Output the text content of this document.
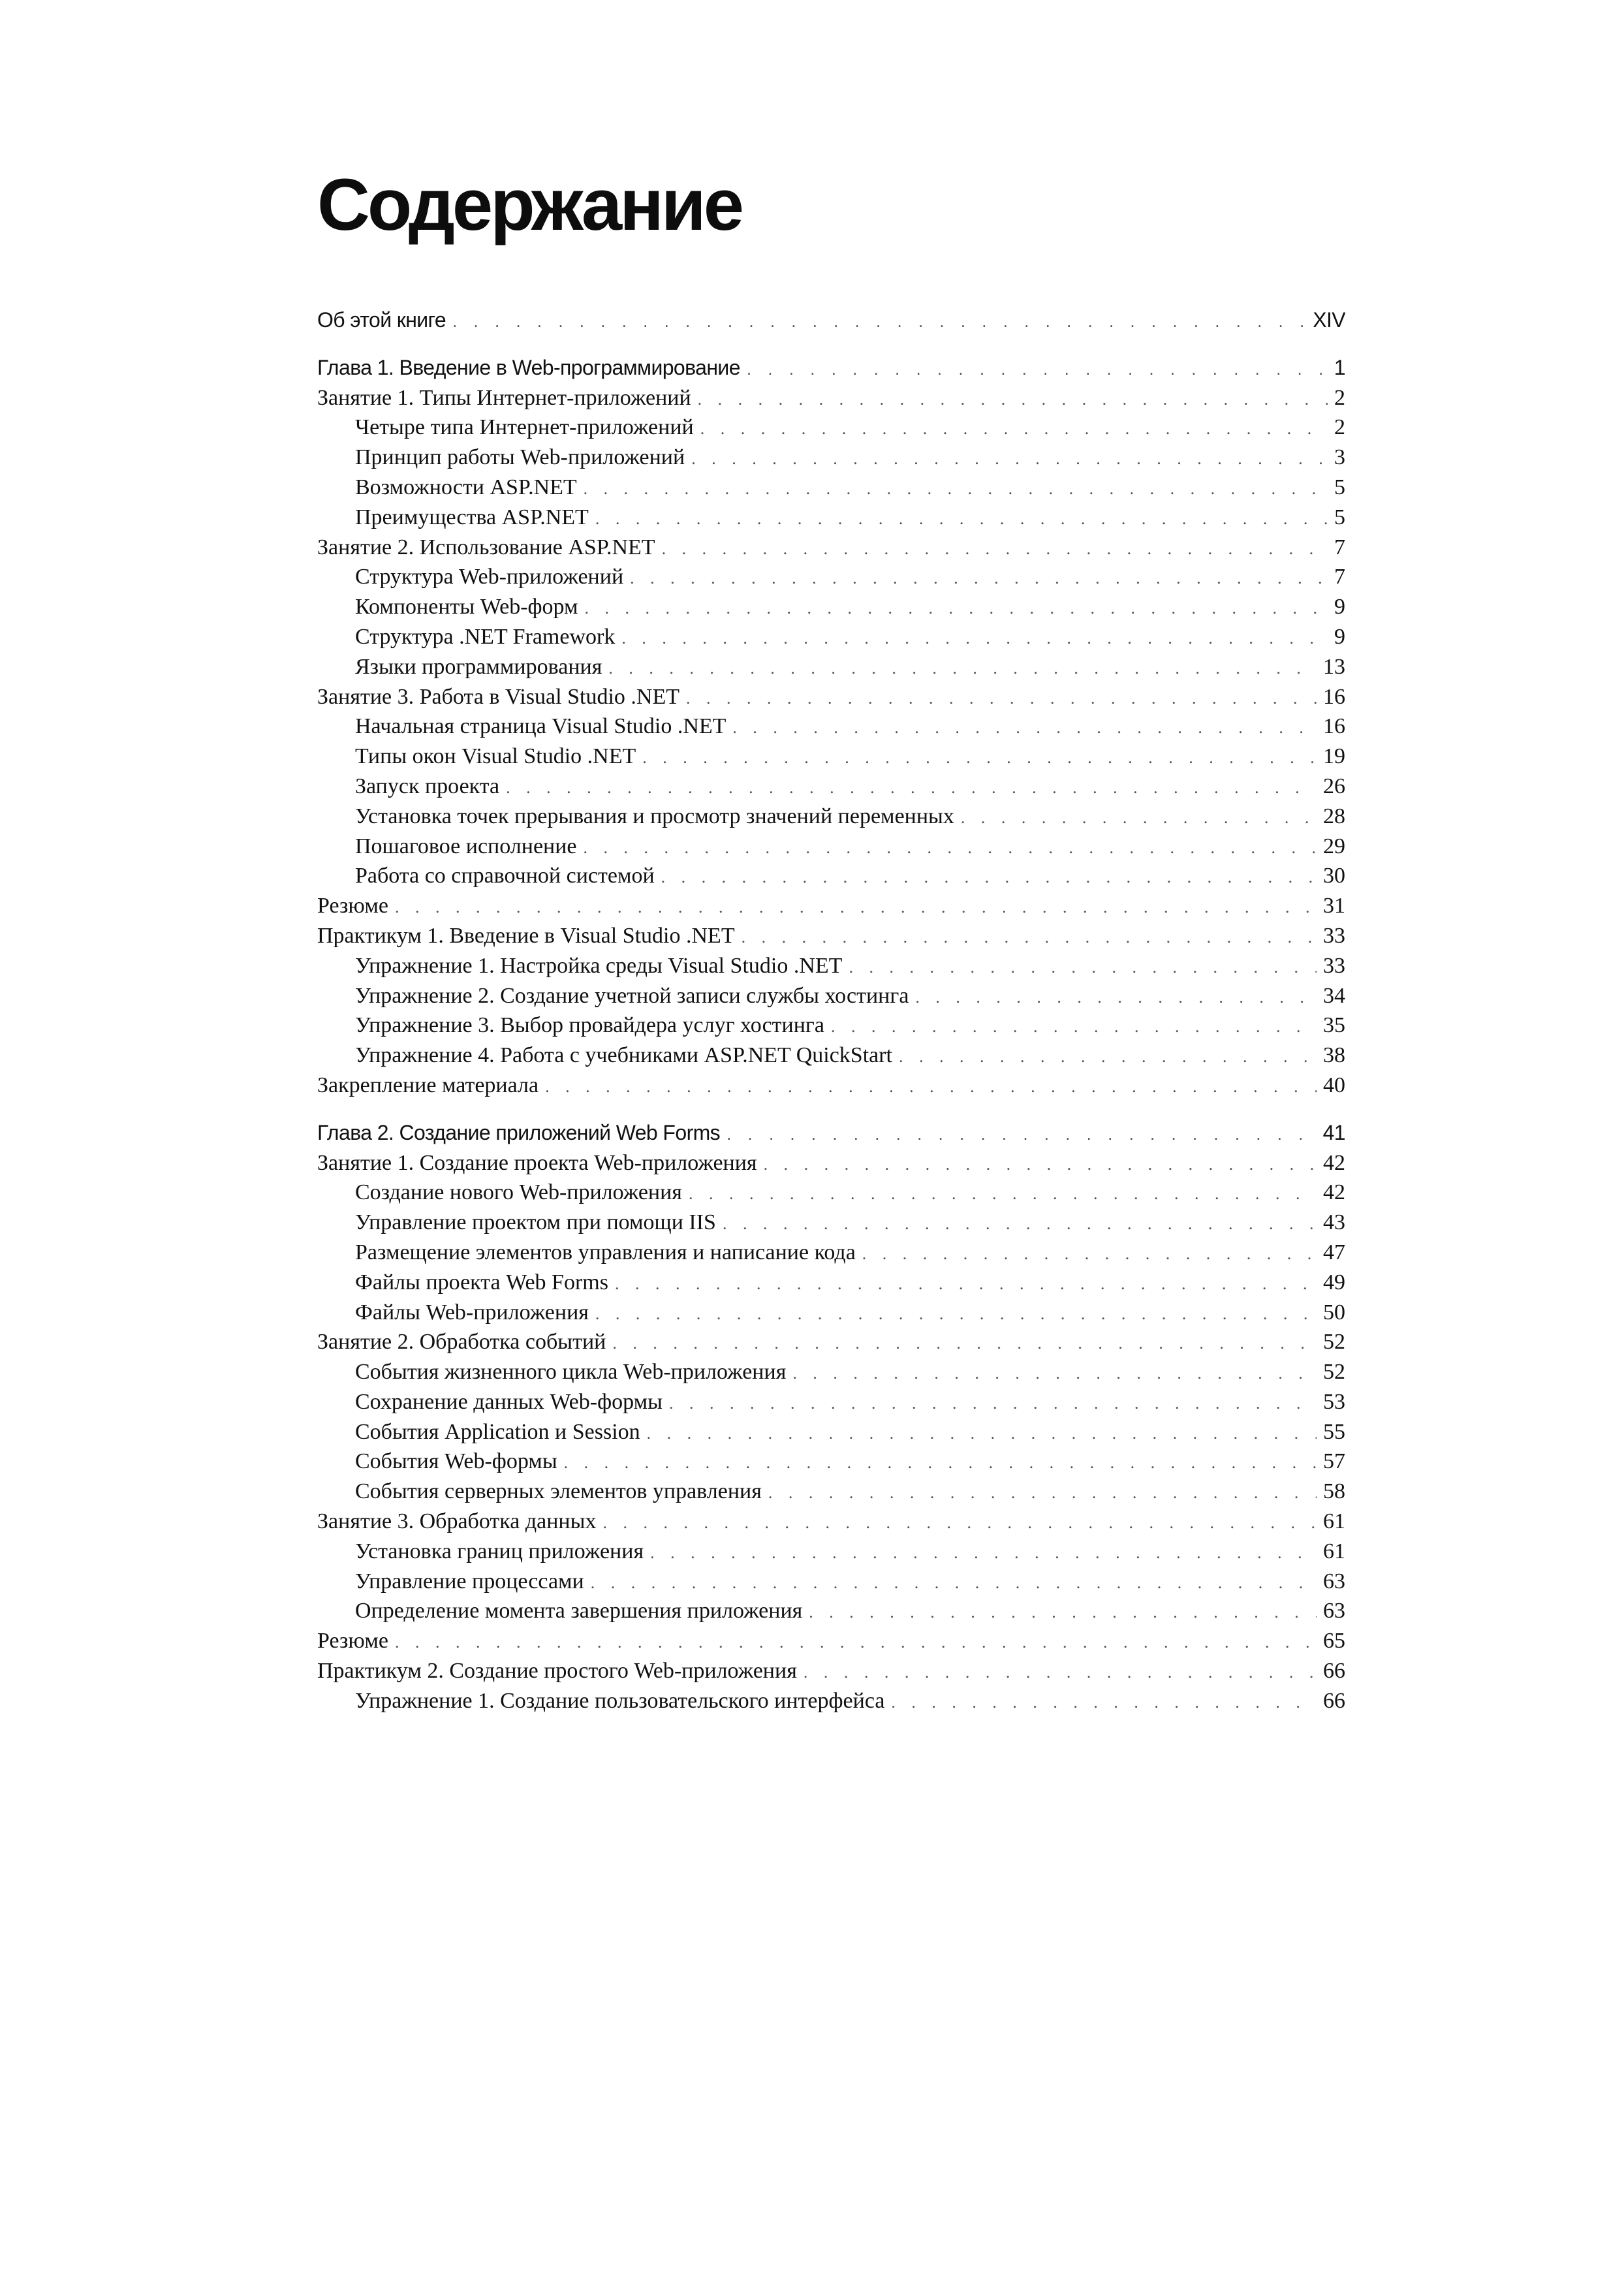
Содержание
Об этой книге . . .	XIV
Глава 1. Введение в Web-программирование . . .	1
Занятие 1. Типы Интернет-приложений . . .	2
Четыре типа Интернет-приложений . . .	2
Принцип работы Web-приложений . . .	3
Возможности ASP.NET . . .	5
Преимущества ASP.NET . . .	5
Занятие 2. Использование ASP.NET . . .	7
Структура Web-приложений . . .	7
Компоненты Web-форм . . .	9
Структура .NET Framework . . .	9
Языки программирования . . .	13
Занятие 3. Работа в Visual Studio .NET . . .	16
Начальная страница Visual Studio .NET . . .	16
Типы окон Visual Studio .NET . . .	19
Запуск проекта . . .	26
Установка точек прерывания и просмотр значений переменных . . .	28
Пошаговое исполнение . . .	29
Работа со справочной системой . . .	30
Резюме . . .	31
Практикум 1. Введение в Visual Studio .NET . . .	33
Упражнение 1. Настройка среды Visual Studio .NET . . .	33
Упражнение 2. Создание учетной записи службы хостинга . . .	34
Упражнение 3. Выбор провайдера услуг хостинга . . .	35
Упражнение 4. Работа с учебниками ASP.NET QuickStart . . .	38
Закрепление материала . . .	40
Глава 2. Создание приложений Web Forms . . .	41
Занятие 1. Создание проекта Web-приложения . . .	42
Создание нового Web-приложения . . .	42
Управление проектом при помощи IIS . . .	43
Размещение элементов управления и написание кода . . .	47
Файлы проекта Web Forms . . .	49
Файлы Web-приложения . . .	50
Занятие 2. Обработка событий . . .	52
События жизненного цикла Web-приложения . . .	52
Сохранение данных Web-формы . . .	53
События Application и Session . . .	55
События Web-формы . . .	57
События серверных элементов управления . . .	58
Занятие 3. Обработка данных . . .	61
Установка границ приложения . . .	61
Управление процессами . . .	63
Определение момента завершения приложения . . .	63
Резюме . . .	65
Практикум 2. Создание простого Web-приложения . . .	66
Упражнение 1. Создание пользовательского интерфейса . . .	66
